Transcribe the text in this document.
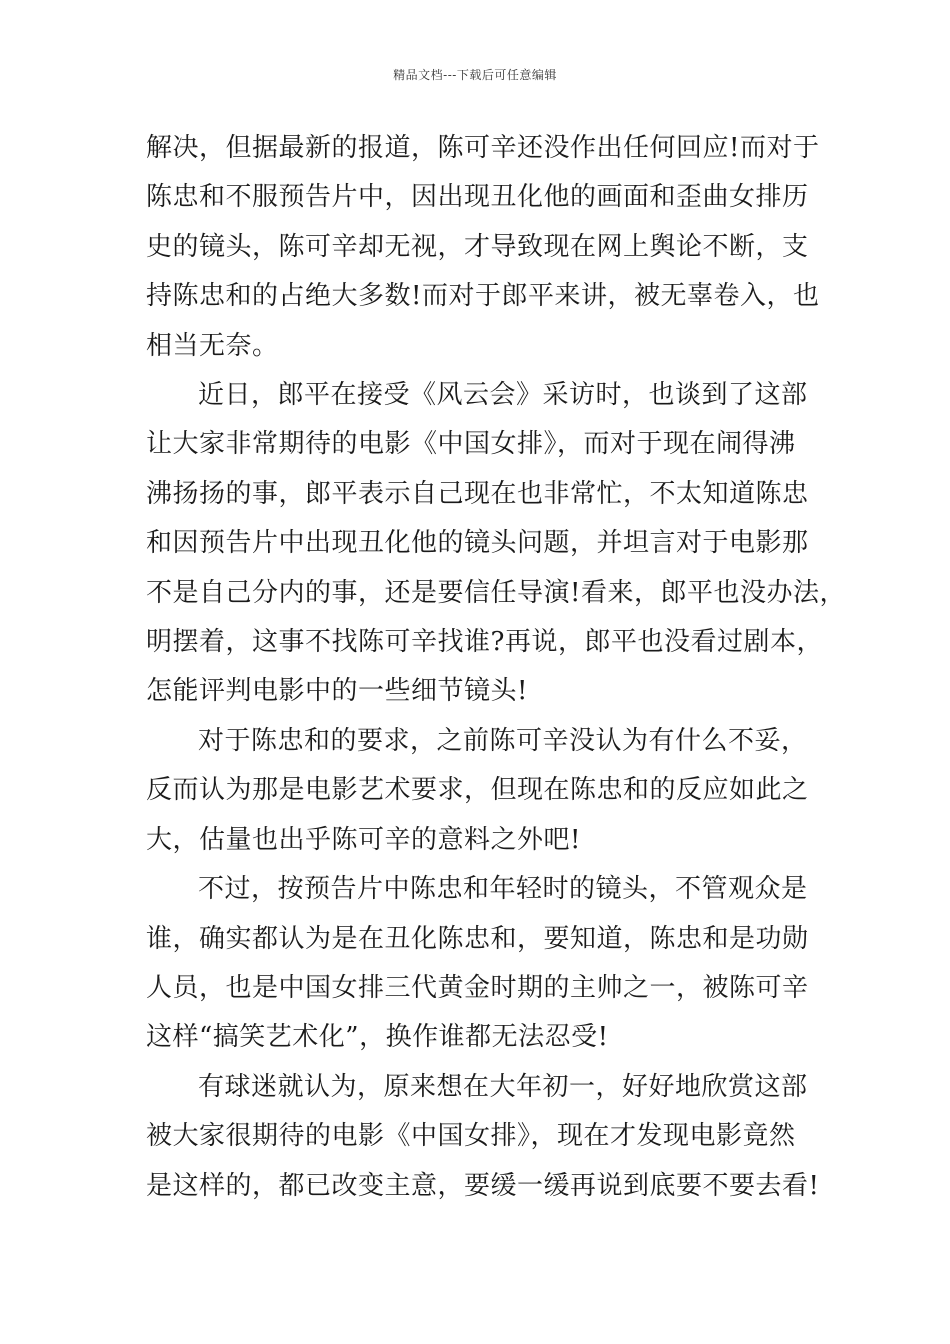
精品文档---下载后可任意编辑
解决，但据最新的报道，陈可辛还没作出任何回应!而对于
陈忠和不服预告片中，因出现丑化他的画面和歪曲女排历
史的镜头，陈可辛却无视，才导致现在网上舆论不断，支
持陈忠和的占绝大多数!而对于郎平来讲，被无辜卷入，也
相当无奈。
近日，郎平在接受《风云会》采访时，也谈到了这部
让大家非常期待的电影《中国女排》，而对于现在闹得沸
沸扬扬的事，郎平表示自己现在也非常忙，不太知道陈忠
和因预告片中出现丑化他的镜头问题，并坦言对于电影那
不是自己分内的事，还是要信任导演!看来，郎平也没办法，
明摆着，这事不找陈可辛找谁?再说，郎平也没看过剧本，
怎能评判电影中的一些细节镜头!
对于陈忠和的要求，之前陈可辛没认为有什么不妥，
反而认为那是电影艺术要求，但现在陈忠和的反应如此之
大，估量也出乎陈可辛的意料之外吧!
不过，按预告片中陈忠和年轻时的镜头，不管观众是
谁，确实都认为是在丑化陈忠和，要知道，陈忠和是功勋
人员，也是中国女排三代黄金时期的主帅之一，被陈可辛
这样“搞笑艺术化”，换作谁都无法忍受!
有球迷就认为，原来想在大年初一，好好地欣赏这部
被大家很期待的电影《中国女排》，现在才发现电影竟然
是这样的，都已改变主意，要缓一缓再说到底要不要去看!
